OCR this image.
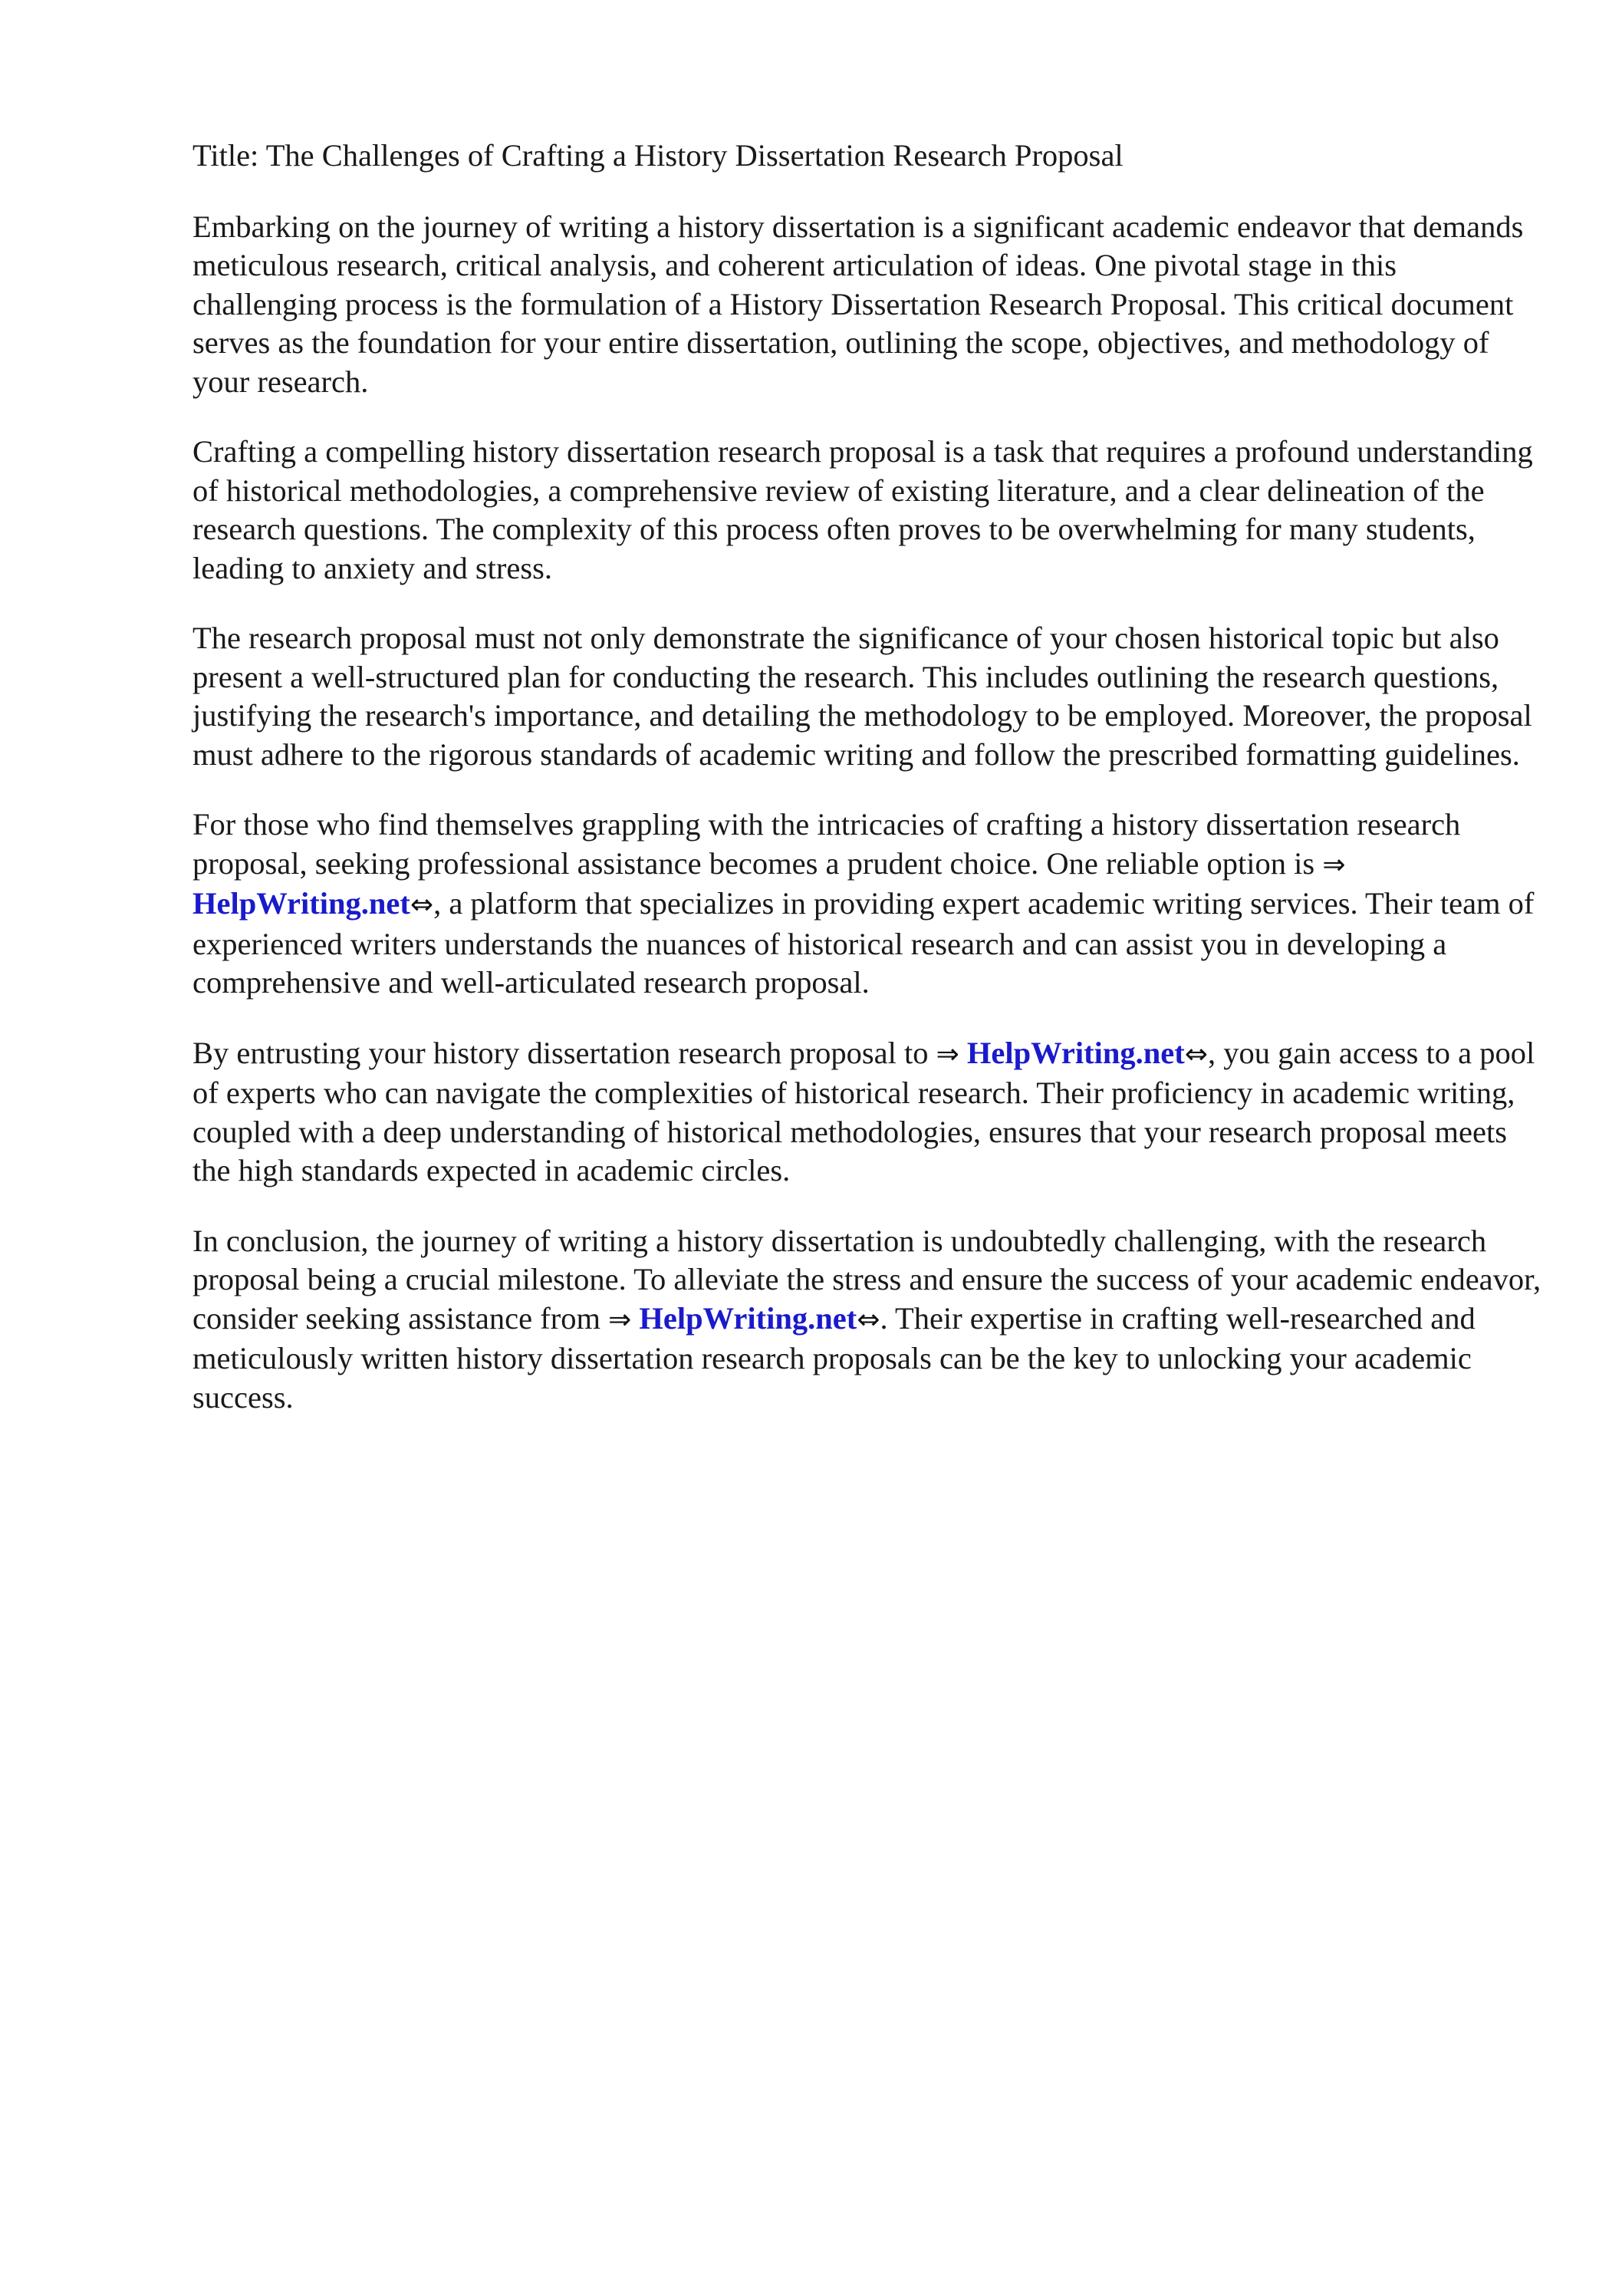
Title: The Challenges of Crafting a History Dissertation Research Proposal

Embarking on the journey of writing a history dissertation is a significant academic endeavor that demands meticulous research, critical analysis, and coherent articulation of ideas. One pivotal stage in this challenging process is the formulation of a History Dissertation Research Proposal. This critical document serves as the foundation for your entire dissertation, outlining the scope, objectives, and methodology of your research.

Crafting a compelling history dissertation research proposal is a task that requires a profound understanding of historical methodologies, a comprehensive review of existing literature, and a clear delineation of the research questions. The complexity of this process often proves to be overwhelming for many students, leading to anxiety and stress.

The research proposal must not only demonstrate the significance of your chosen historical topic but also present a well-structured plan for conducting the research. This includes outlining the research questions, justifying the research's importance, and detailing the methodology to be employed. Moreover, the proposal must adhere to the rigorous standards of academic writing and follow the prescribed formatting guidelines.

For those who find themselves grappling with the intricacies of crafting a history dissertation research proposal, seeking professional assistance becomes a prudent choice. One reliable option is ⇒ HelpWriting.net⇔, a platform that specializes in providing expert academic writing services. Their team of experienced writers understands the nuances of historical research and can assist you in developing a comprehensive and well-articulated research proposal.

By entrusting your history dissertation research proposal to ⇒ HelpWriting.net⇔, you gain access to a pool of experts who can navigate the complexities of historical research. Their proficiency in academic writing, coupled with a deep understanding of historical methodologies, ensures that your research proposal meets the high standards expected in academic circles.

In conclusion, the journey of writing a history dissertation is undoubtedly challenging, with the research proposal being a crucial milestone. To alleviate the stress and ensure the success of your academic endeavor, consider seeking assistance from ⇒ HelpWriting.net⇔. Their expertise in crafting well-researched and meticulously written history dissertation research proposals can be the key to unlocking your academic success.
